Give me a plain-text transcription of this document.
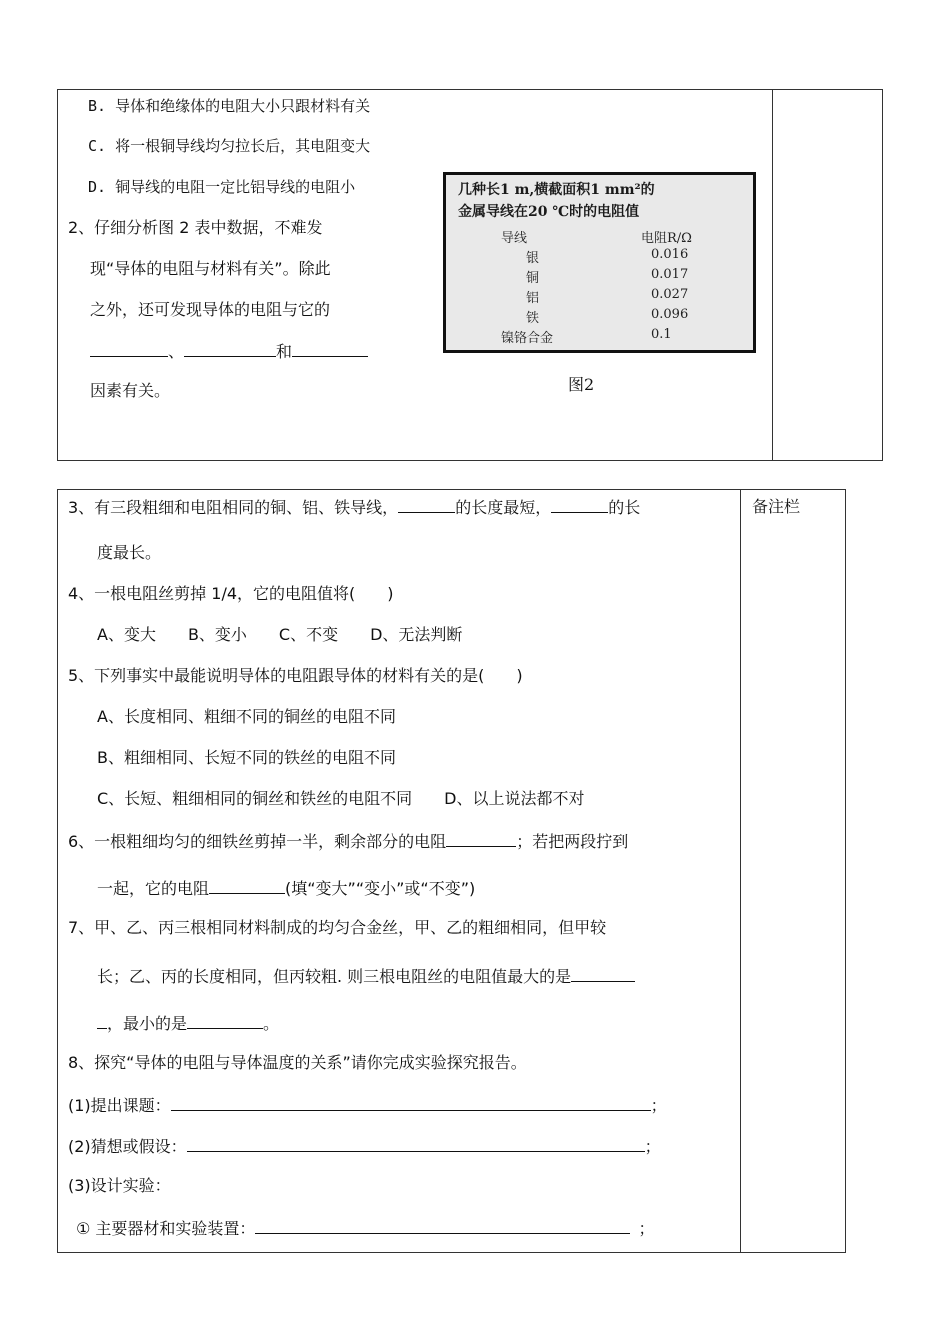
B. 导体和绝缘体的电阻大小只跟材料有关
C. 将一根铜导线均匀拉长后，其电阻变大
D. 铜导线的电阻一定比铝导线的电阻小
2、仔细分析图 2 表中数据，不难发
现“导体的电阻与材料有关”。除此
之外，还可发现导体的电阻与它的
、	和
因素有关。
几种长1 m,横截面积1 mm²的
金属导线在20 ℃时的电阻值
导线	电阻R/Ω
银	0.016
铜	0.017
铝	0.027
铁	0.096
镍铬合金	0.1
图2
备注栏
3、有三段粗细和电阻相同的铜、铝、铁导线，	的长度最短，	的长
度最长。
4、一根电阻丝剪掉 1/4，它的电阻值将(　　)
A、变大　　B、变小　　C、不变　　D、无法判断
5、下列事实中最能说明导体的电阻跟导体的材料有关的是(　　)
A、长度相同、粗细不同的铜丝的电阻不同
B、粗细相同、长短不同的铁丝的电阻不同
C、长短、粗细相同的铜丝和铁丝的电阻不同　　D、以上说法都不对
6、一根粗细均匀的细铁丝剪掉一半，剩余部分的电阻	；若把两段拧到
一起，它的电阻	(填“变大”“变小”或“不变”)
7、甲、乙、丙三根相同材料制成的均匀合金丝，甲、乙的粗细相同，但甲较
长；乙、丙的长度相同，但丙较粗. 则三根电阻丝的电阻值最大的是
，最小的是	。
8、探究“导体的电阻与导体温度的关系”请你完成实验探究报告。
(1)提出课题：	；
(2)猜想或假设：	；
(3)设计实验：
① 主要器材和实验装置：	；
